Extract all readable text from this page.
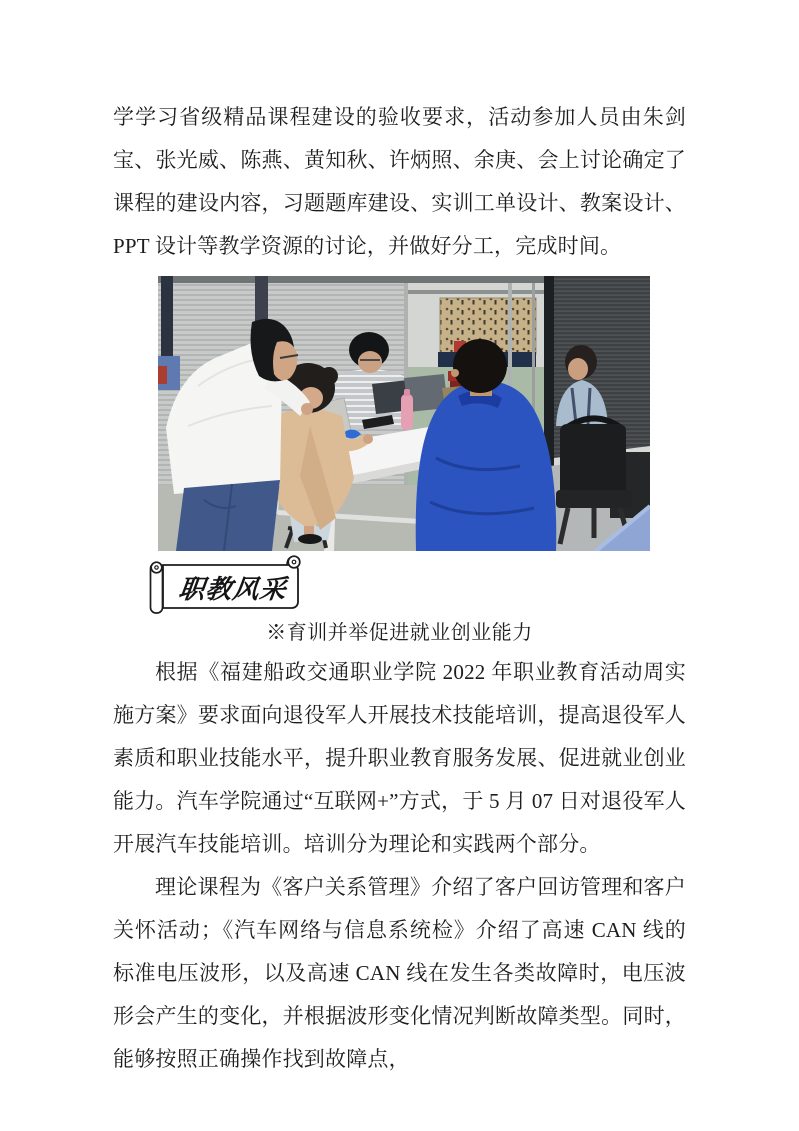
学学习省级精品课程建设的验收要求，活动参加人员由朱剑宝、张光威、陈燕、黄知秋、许炳照、余庚、会上讨论确定了课程的建设内容，习题题库建设、实训工单设计、教案设计、PPT 设计等教学资源的讨论，并做好分工，完成时间。

职教风采

※育训并举促进就业创业能力

根据《福建船政交通职业学院 2022 年职业教育活动周实施方案》要求面向退役军人开展技术技能培训，提高退役军人素质和职业技能水平，提升职业教育服务发展、促进就业创业能力。汽车学院通过“互联网+”方式，于 5 月 07 日对退役军人开展汽车技能培训。培训分为理论和实践两个部分。

理论课程为《客户关系管理》介绍了客户回访管理和客户关怀活动；《汽车网络与信息系统检》介绍了高速 CAN 线的标准电压波形，以及高速 CAN 线在发生各类故障时，电压波形会产生的变化，并根据波形变化情况判断故障类型。同时，能够按照正确操作找到故障点，
